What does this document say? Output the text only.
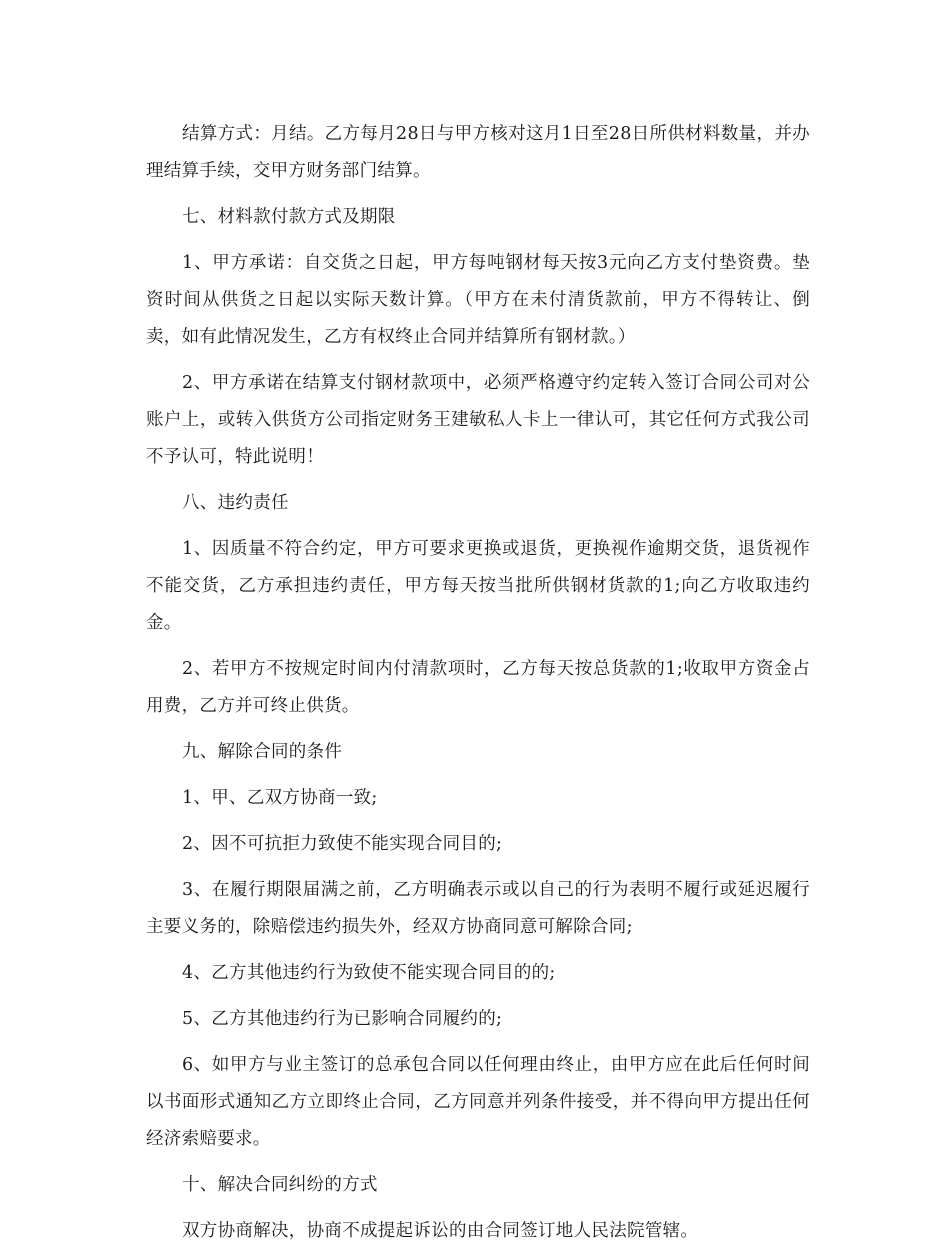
结算方式：月结。乙方每月28日与甲方核对这月1日至28日所供材料数量，并办理结算手续，交甲方财务部门结算。

七、材料款付款方式及期限

1、甲方承诺：自交货之日起，甲方每吨钢材每天按3元向乙方支付垫资费。垫资时间从供货之日起以实际天数计算。（甲方在未付清货款前，甲方不得转让、倒卖，如有此情况发生，乙方有权终止合同并结算所有钢材款。）

2、甲方承诺在结算支付钢材款项中，必须严格遵守约定转入签订合同公司对公账户上，或转入供货方公司指定财务王建敏私人卡上一律认可，其它任何方式我公司不予认可，特此说明！

八、违约责任

1、因质量不符合约定，甲方可要求更换或退货，更换视作逾期交货，退货视作不能交货，乙方承担违约责任，甲方每天按当批所供钢材货款的1;向乙方收取违约金。

2、若甲方不按规定时间内付清款项时，乙方每天按总货款的1;收取甲方资金占用费，乙方并可终止供货。

九、解除合同的条件

1、甲、乙双方协商一致;

2、因不可抗拒力致使不能实现合同目的;

3、在履行期限届满之前，乙方明确表示或以自己的行为表明不履行或延迟履行主要义务的，除赔偿违约损失外，经双方协商同意可解除合同;

4、乙方其他违约行为致使不能实现合同目的的;

5、乙方其他违约行为已影响合同履约的;

6、如甲方与业主签订的总承包合同以任何理由终止，由甲方应在此后任何时间以书面形式通知乙方立即终止合同，乙方同意并列条件接受，并不得向甲方提出任何经济索赔要求。

十、解决合同纠纷的方式

双方协商解决，协商不成提起诉讼的由合同签订地人民法院管辖。
